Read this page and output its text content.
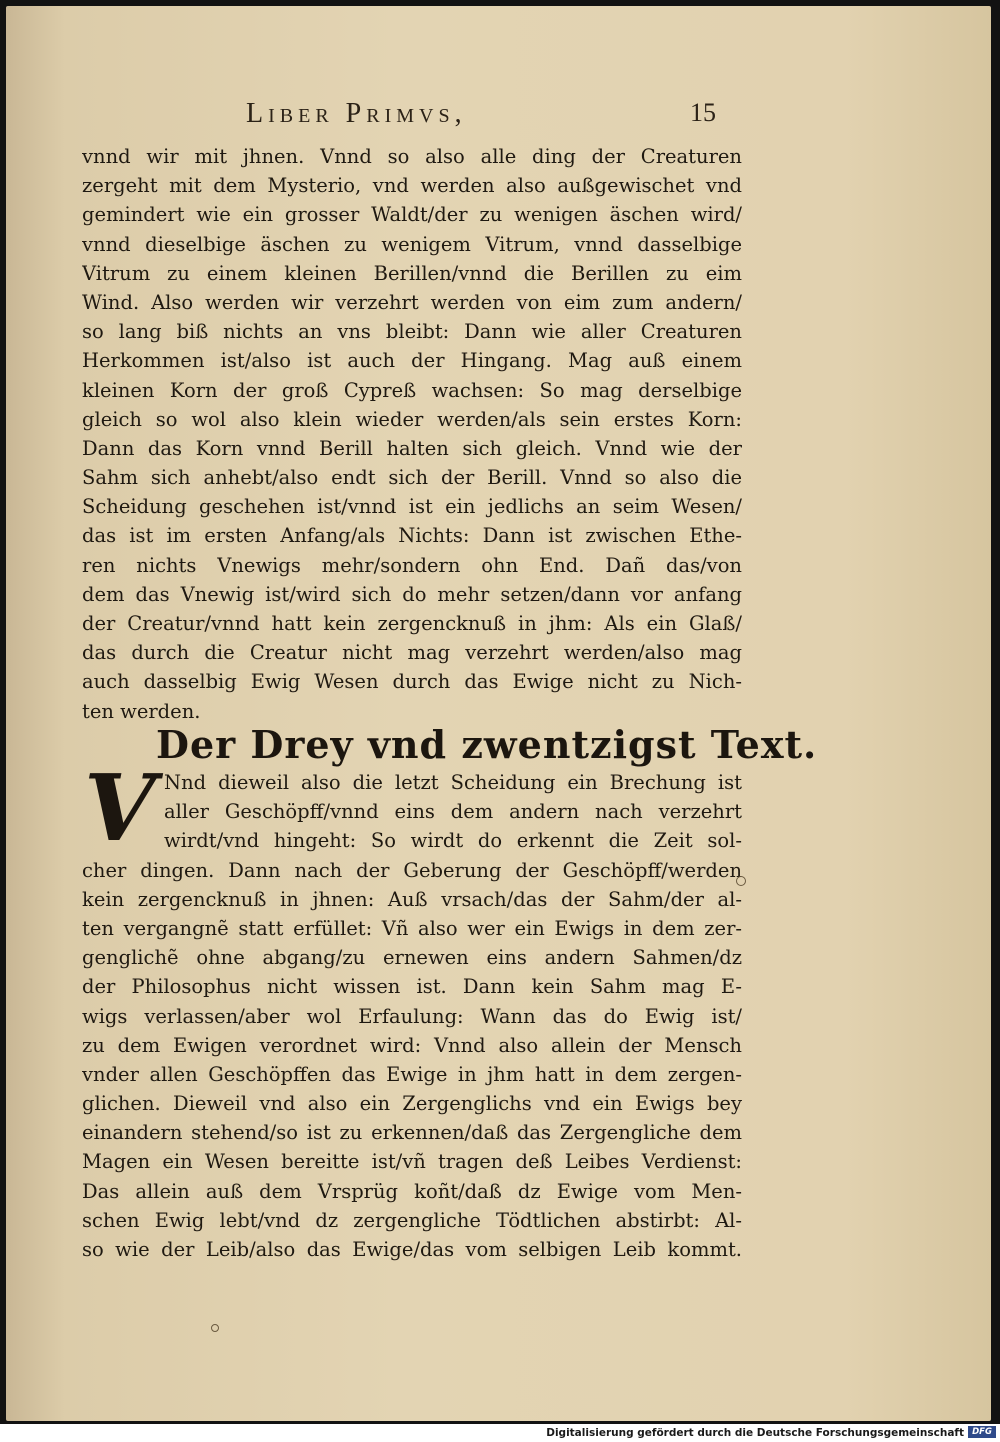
Liber Primvs,	15
vnnd wir mit jhnen. Vnnd so also alle ding der Creaturen
zergeht mit dem Mysterio, vnd werden also außgewischet vnd
gemindert wie ein grosser Waldt/der zu wenigen äschen wird/
vnnd dieselbige äschen zu wenigem Vitrum, vnnd dasselbige
Vitrum zu einem kleinen Berillen/vnnd die Berillen zu eim
Wind. Also werden wir verzehrt werden von eim zum andern/
so lang biß nichts an vns bleibt: Dann wie aller Creaturen
Herkommen ist/also ist auch der Hingang. Mag auß einem
kleinen Korn der groß Cypreß wachsen: So mag derselbige
gleich so wol also klein wieder werden/als sein erstes Korn:
Dann das Korn vnnd Berill halten sich gleich. Vnnd wie der
Sahm sich anhebt/also endt sich der Berill. Vnnd so also die
Scheidung geschehen ist/vnnd ist ein jedlichs an seim Wesen/
das ist im ersten Anfang/als Nichts: Dann ist zwischen Ethe-
ren nichts Vnewigs mehr/sondern ohn End. Dañ das/von
dem das Vnewig ist/wird sich do mehr setzen/dann vor anfang
der Creatur/vnnd hatt kein zergencknuß in jhm: Als ein Glaß/
das durch die Creatur nicht mag verzehrt werden/also mag
auch dasselbig Ewig Wesen durch das Ewige nicht zu Nich-
ten werden.
Der Drey vnd zwentzigst Text.
V Nnd dieweil also die letzt Scheidung ein Brechung ist
aller Geschöpff/vnnd eins dem andern nach verzehrt
wirdt/vnd hingeht: So wirdt do erkennt die Zeit sol-
cher dingen. Dann nach der Geberung der Geschöpff/werden
kein zergencknuß in jhnen: Auß vrsach/das der Sahm/der al-
ten vergangnẽ statt erfüllet: Vñ also wer ein Ewigs in dem zer-
genglichẽ ohne abgang/zu ernewen eins andern Sahmen/dz
der Philosophus nicht wissen ist. Dann kein Sahm mag E-
wigs verlassen/aber wol Erfaulung: Wann das do Ewig ist/
zu dem Ewigen verordnet wird: Vnnd also allein der Mensch
vnder allen Geschöpffen das Ewige in jhm hatt in dem zergen-
glichen. Dieweil vnd also ein Zergenglichs vnd ein Ewigs bey
einandern stehend/so ist zu erkennen/daß das Zergengliche dem
Magen ein Wesen bereitte ist/vñ tragen deß Leibes Verdienst:
Das allein auß dem Vrsprüg koñt/daß dz Ewige vom Men-
schen Ewig lebt/vnd dz zergengliche Tödtlichen abstirbt: Al-
so wie der Leib/also das Ewige/das vom selbigen Leib kommt.
Digitalisierung gefördert durch die Deutsche Forschungsgemeinschaft DFG
